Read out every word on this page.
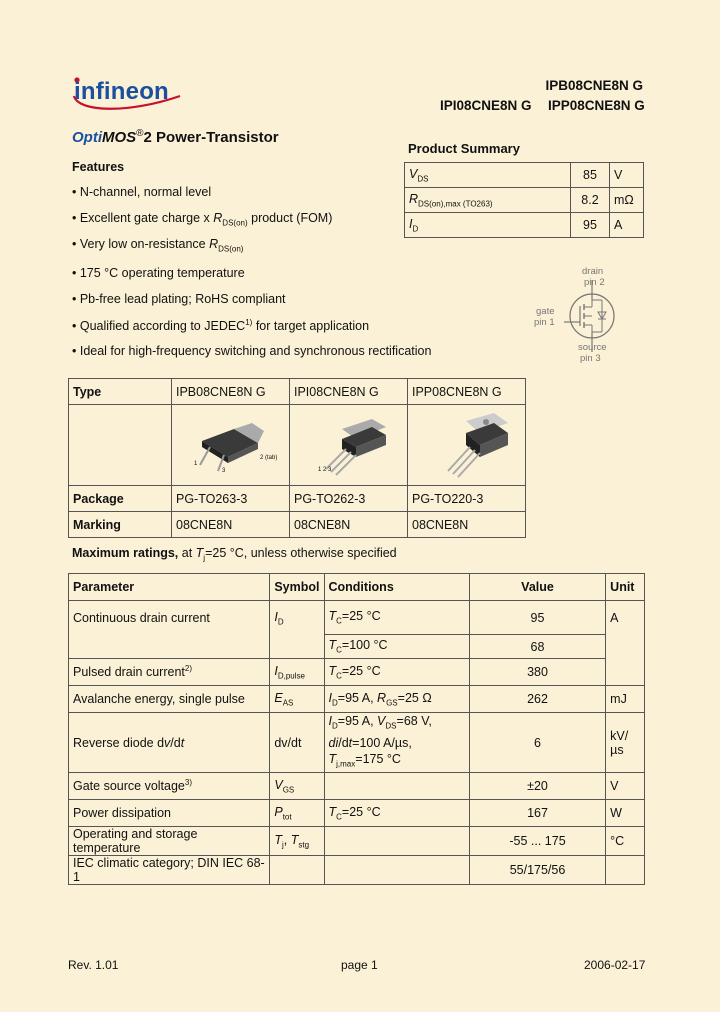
infineon	IPB08CNE8N G
IPI08CNE8N G IPP08CNE8N G
OptiMOS®2 Power-Transistor
Product Summary
$V_{DS}$	85	V
$R_{DS(on),max (TO263)}$	8.2	mΩ
$I_D$	95	A
Features
• N-channel, normal level
• Excellent gate charge x $R_{DS(on)}$ product (FOM)
• Very low on-resistance $R_{DS(on)}$
• 175 °C operating temperature
• Pb-free lead plating; RoHS compliant
• Qualified according to JEDEC$^{1)}$ for target application
• Ideal for high-frequency switching and synchronous rectification
drain
pin 2
gate
pin 1
source
pin 3
Type	IPB08CNE8N G	IPI08CNE8N G	IPP08CNE8N G

	1
2 (tab)
3	1 2 3

Package	PG-TO263-3	PG-TO262-3	PG-TO220-3
Marking	08CNE8N	08CNE8N	08CNE8N
Maximum ratings, at $T_j=25$ °C, unless otherwise specified
Parameter	Symbol	Conditions	Value	Unit
Continuous drain current	$I_D$	$T_C=25$ °C	95	A
		$T_C=100$ °C	68	
Pulsed drain current$^{2)}$	$I_{D,pulse}$	$T_C=25$ °C	380	
Avalanche energy, single pulse	$E_{AS}$	$I_D=95$ A, $R_{GS}=25$ Ω	262	mJ
Reverse diode dv/dt	dv/dt	$I_D=95$ A, $V_{DS}=68$ V,
di/dt=100 A/µs,
$T_{j,max}=175$ °C	6	kV/µs
Gate source voltage$^{3)}$	$V_{GS}$		±20	V
Power dissipation	$P_{tot}$	$T_C=25$ °C	167	W
Operating and storage temperature	$T_j$, $T_{stg}$		-55 ... 175	°C
IEC climatic category; DIN IEC 68-1			55/175/56	
Rev. 1.01	page 1	2006-02-17
